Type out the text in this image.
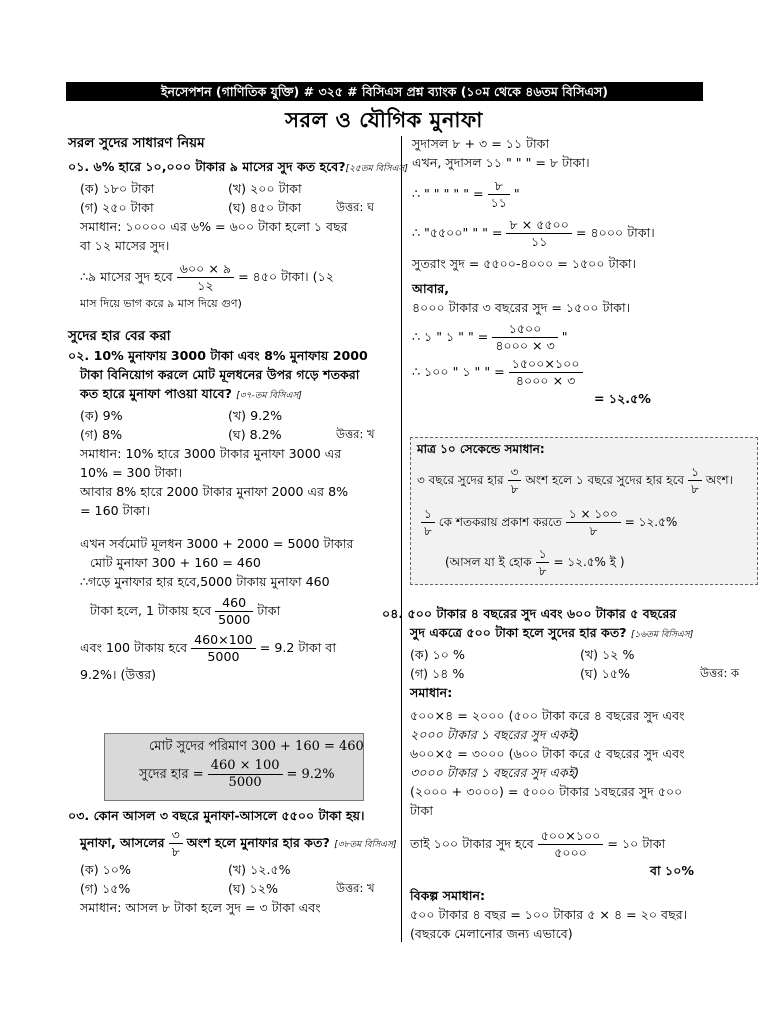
ইনসেপশন (গাণিতিক যুক্তি) # ৩২৫ # বিসিএস প্রশ্ন ব্যাংক (১০ম থেকে ৪৬তম বিসিএস)
সরল ও যৌগিক মুনাফা
সরল সুদের সাধারণ নিয়ম
০১. ৬% হারে ১০,০০০ টাকার ৯ মাসের সুদ কত হবে?[২৫তম বিসিএস]
(ক) ১৮০ টাকা	(খ) ২০০ টাকা
(গ) ২৫০ টাকা	(ঘ) ৪৫০ টাকা	উত্তর: ঘ
সমাধান: ১০০০০ এর ৬% = ৬০০ টাকা হলো ১ বছর
বা ১২ মাসের সুদ।
∴৯ মাসের সুদ হবে $\frac{৬০০ \times ৯}{১২}$ = ৪৫০ টাকা। (১২
মাস দিয়ে ভাগ করে ৯ মাস দিয়ে গুণ)
সুদের হার বের করা
০২. 10% মুনাফায় 3000 টাকা এবং 8% মুনাফায় 2000
টাকা বিনিয়োগ করলে মোট মূলধনের উপর গড়ে শতকরা
কত হারে মুনাফা পাওয়া যাবে? [৩৭-তম বিসিএস]
(ক) 9%	(খ) 9.2%
(গ) 8%	(ঘ) 8.2%	উত্তর: খ
সমাধান: 10% হারে 3000 টাকার মুনাফা 3000 এর
10% = 300 টাকা।
আবার 8% হারে 2000 টাকার মুনাফা 2000 এর 8%
= 160 টাকা।
এখন সর্বমোট মূলধন 3000 + 2000 = 5000 টাকার
মোট মুনাফা 300 + 160 = 460
∴গড়ে মুনাফার হার হবে,5000 টাকায় মুনাফা 460
টাকা হলে, 1 টাকায় হবে $\frac{460}{5000}$ টাকা
এবং 100 টাকায় হবে $\frac{460\times 100}{5000} = 9.2$ টাকা বা
9.2%। (উত্তর)
মোট সুদের পরিমাণ 300 + 160 = 460
সুদের হার = $\frac{460 \times 100}{5000} = 9.2\%$
০৩. কোন আসল ৩ বছরে মুনাফা-আসলে ৫৫০০ টাকা হয়।
মুনাফা, আসলের $\frac{৩}{৮}$ অংশ হলে মুনাফার হার কত? [৩৮তম বিসিএস]
(ক) ১০%	(খ) ১২.৫%
(গ) ১৫%	(ঘ) ১২%	উত্তর: খ
সমাধান: আসল ৮ টাকা হলে সুদ = ৩ টাকা এবং
সুদাসল ৮ + ৩ = ১১ টাকা
এখন, সুদাসল ১১ " " " = ৮ টাকা।
∴ " " " " " = $\frac{৮}{১১}$ "
∴ "৫৫০০" " " = $\frac{৮ \times ৫৫০০}{১১}$ = ৪০০০ টাকা।
সুতরাং সুদ = ৫৫০০-৪০০০ = ১৫০০ টাকা।
আবার,
৪০০০ টাকার ৩ বছরের সুদ = ১৫০০ টাকা।
∴ ১ " ১ " " = $\frac{১৫০০}{৪০০০ \times ৩}$ "
∴ ১০০ " ১ " " = $\frac{১৫০০\times ১০০}{৪০০০ \times ৩}$
= ১২.৫%
মাত্র ১০ সেকেন্ডে সমাধান:
৩ বছরে সুদের হার $\frac{৩}{৮}$ অংশ হলে ১ বছরে সুদের হার হবে $\frac{১}{৮}$ অংশ।
$\frac{১}{৮}$ কে শতকরায় প্রকাশ করতে $\frac{১ \times ১০০}{৮}$ = ১২.৫%
(আসল যা ই হোক $\frac{১}{৮}$ = ১২.৫% ই )
০৪. ৫০০ টাকার ৪ বছরের সুদ এবং ৬০০ টাকার ৫ বছরের
সুদ একত্রে ৫০০ টাকা হলে সুদের হার কত? [১৬তম বিসিএস]
(ক) ১০ %	(খ) ১২ %
(গ) ১৪ %	(ঘ) ১৫%	উত্তর: ক
সমাধান:
৫০০×৪ = ২০০০ (৫০০ টাকা করে ৪ বছরের সুদ এবং
২০০০ টাকার ১ বছরের সুদ একই)
৬০০×৫ = ৩০০০ (৬০০ টাকা করে ৫ বছরের সুদ এবং
৩০০০ টাকার ১ বছরের সুদ একই)
(২০০০ + ৩০০০) = ৫০০০ টাকার ১বছরের সুদ ৫০০
টাকা
তাই ১০০ টাকার সুদ হবে $\frac{৫০০\times ১০০}{৫০০০}$ = ১০ টাকা
বা ১০%
বিকল্প সমাধান:
৫০০ টাকার ৪ বছর = ১০০ টাকার ৫ × ৪ = ২০ বছর।
(বছরকে মেলানোর জন্য এভাবে)
